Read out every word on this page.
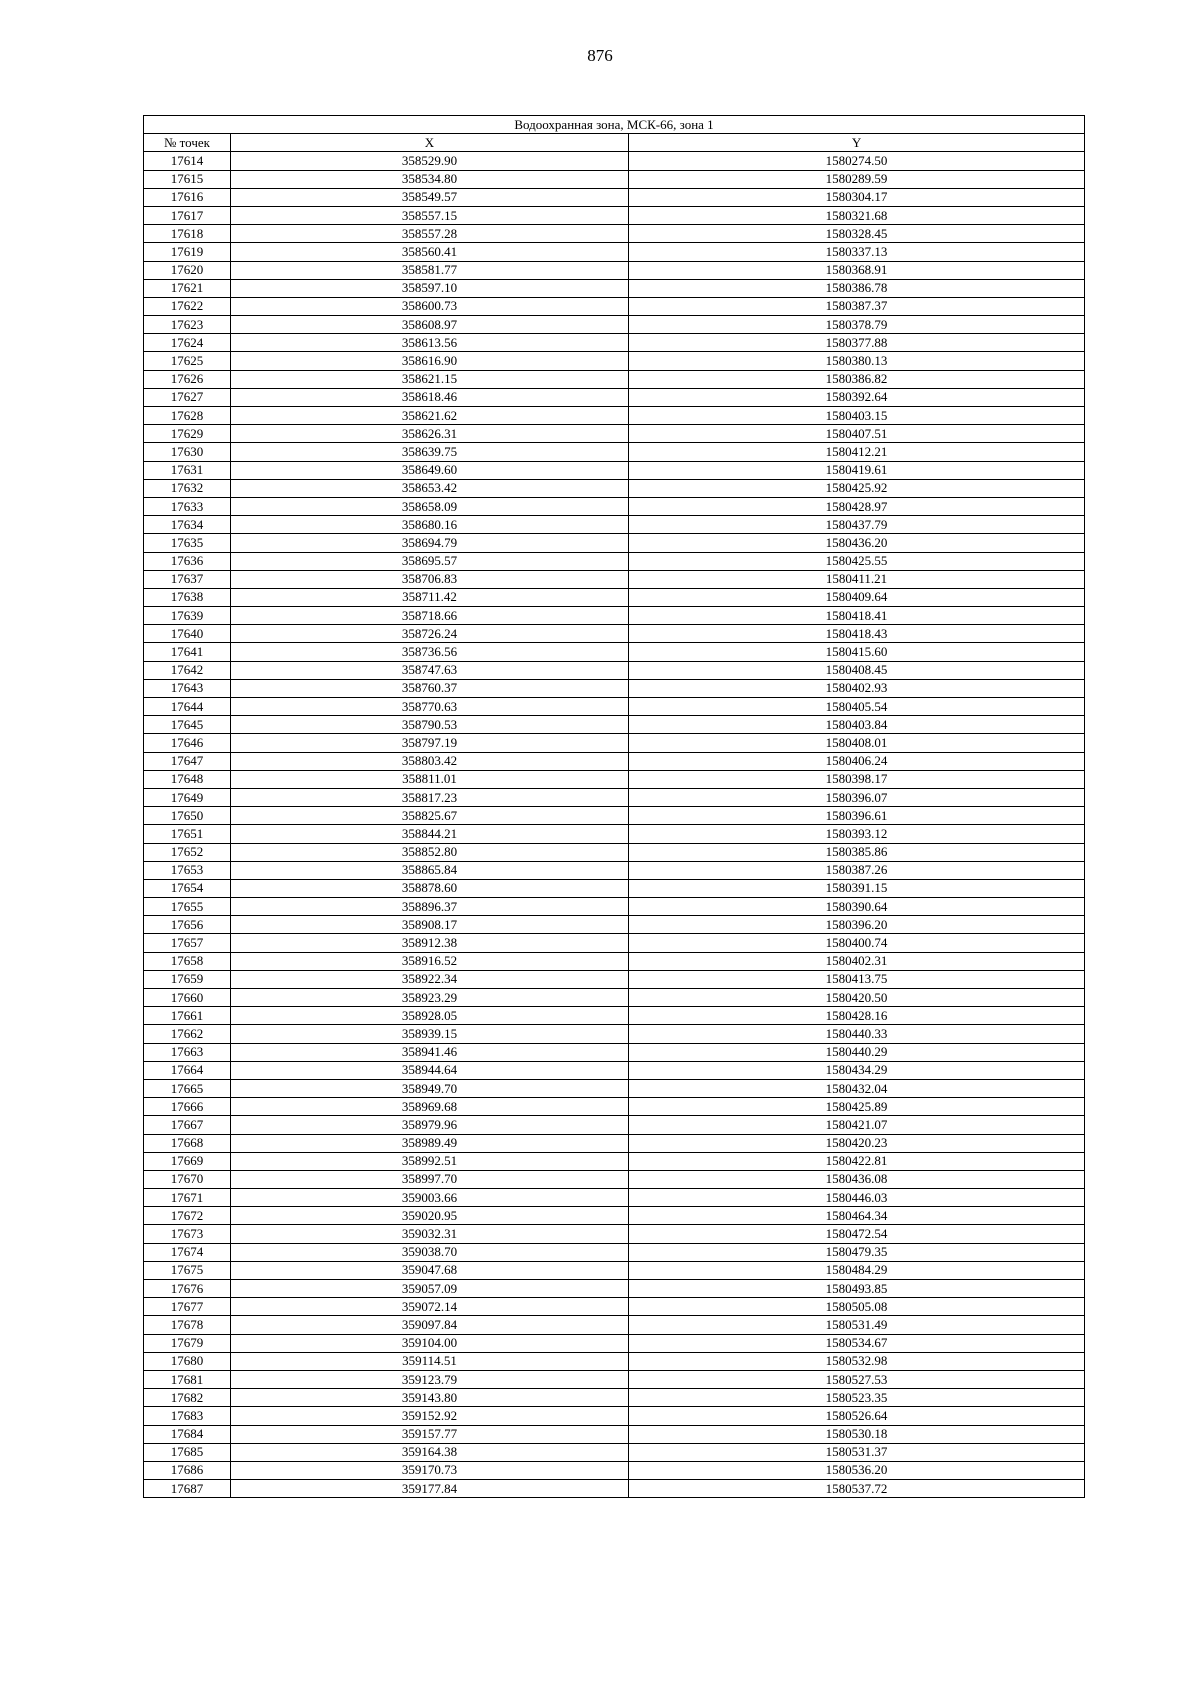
876
Водоохранная зона, МСК-66, зона 1		
№ точек	X	Y
17614	358529.90	1580274.50
17615	358534.80	1580289.59
17616	358549.57	1580304.17
17617	358557.15	1580321.68
17618	358557.28	1580328.45
17619	358560.41	1580337.13
17620	358581.77	1580368.91
17621	358597.10	1580386.78
17622	358600.73	1580387.37
17623	358608.97	1580378.79
17624	358613.56	1580377.88
17625	358616.90	1580380.13
17626	358621.15	1580386.82
17627	358618.46	1580392.64
17628	358621.62	1580403.15
17629	358626.31	1580407.51
17630	358639.75	1580412.21
17631	358649.60	1580419.61
17632	358653.42	1580425.92
17633	358658.09	1580428.97
17634	358680.16	1580437.79
17635	358694.79	1580436.20
17636	358695.57	1580425.55
17637	358706.83	1580411.21
17638	358711.42	1580409.64
17639	358718.66	1580418.41
17640	358726.24	1580418.43
17641	358736.56	1580415.60
17642	358747.63	1580408.45
17643	358760.37	1580402.93
17644	358770.63	1580405.54
17645	358790.53	1580403.84
17646	358797.19	1580408.01
17647	358803.42	1580406.24
17648	358811.01	1580398.17
17649	358817.23	1580396.07
17650	358825.67	1580396.61
17651	358844.21	1580393.12
17652	358852.80	1580385.86
17653	358865.84	1580387.26
17654	358878.60	1580391.15
17655	358896.37	1580390.64
17656	358908.17	1580396.20
17657	358912.38	1580400.74
17658	358916.52	1580402.31
17659	358922.34	1580413.75
17660	358923.29	1580420.50
17661	358928.05	1580428.16
17662	358939.15	1580440.33
17663	358941.46	1580440.29
17664	358944.64	1580434.29
17665	358949.70	1580432.04
17666	358969.68	1580425.89
17667	358979.96	1580421.07
17668	358989.49	1580420.23
17669	358992.51	1580422.81
17670	358997.70	1580436.08
17671	359003.66	1580446.03
17672	359020.95	1580464.34
17673	359032.31	1580472.54
17674	359038.70	1580479.35
17675	359047.68	1580484.29
17676	359057.09	1580493.85
17677	359072.14	1580505.08
17678	359097.84	1580531.49
17679	359104.00	1580534.67
17680	359114.51	1580532.98
17681	359123.79	1580527.53
17682	359143.80	1580523.35
17683	359152.92	1580526.64
17684	359157.77	1580530.18
17685	359164.38	1580531.37
17686	359170.73	1580536.20
17687	359177.84	1580537.72
